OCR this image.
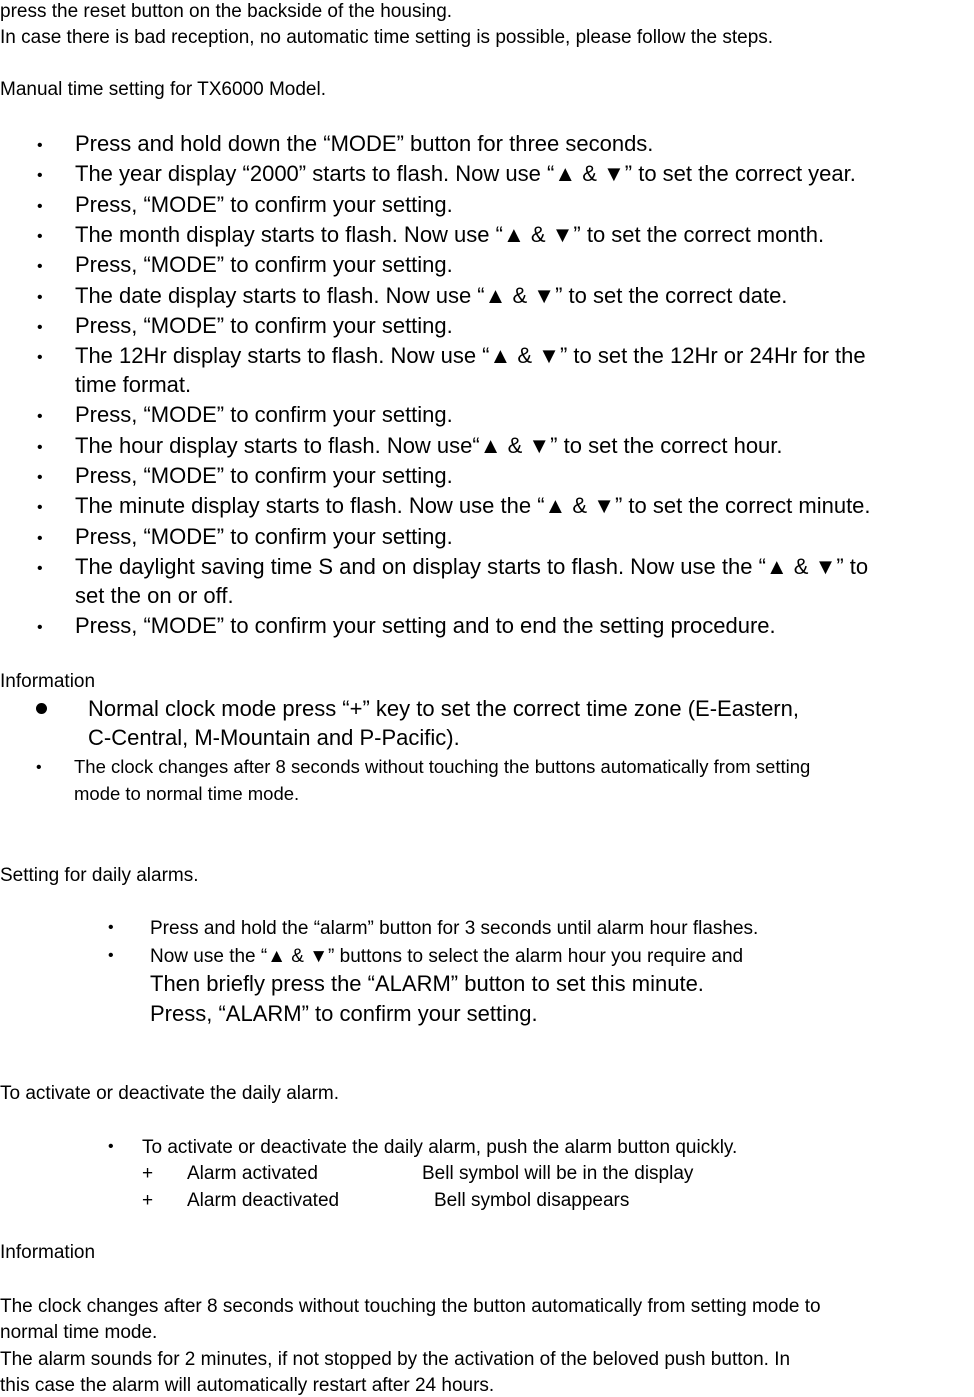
press the reset button on the backside of the housing.
In case there is bad reception, no automatic time setting is possible, please follow the steps.
Manual time setting for TX6000 Model.
• Press and hold down the “MODE” button for three seconds.
• The year display “2000” starts to flash. Now use “▲ & ▼” to set the correct year.
• Press, “MODE” to confirm your setting.
• The month display starts to flash. Now use “▲ & ▼” to set the correct month.
• Press, “MODE” to confirm your setting.
• The date display starts to flash. Now use “▲ & ▼” to set the correct date.
• Press, “MODE” to confirm your setting.
• The 12Hr display starts to flash. Now use “▲ & ▼” to set the 12Hr or 24Hr for the
time format.
• Press, “MODE” to confirm your setting.
• The hour display starts to flash. Now use“▲ & ▼” to set the correct hour.
• Press, “MODE” to confirm your setting.
• The minute display starts to flash. Now use the “▲ & ▼” to set the correct minute.
• Press, “MODE” to confirm your setting.
• The daylight saving time S and on display starts to flash. Now use the “▲ & ▼” to
set the on or off.
• Press, “MODE” to confirm your setting and to end the setting procedure.
Information
Normal clock mode press “+” key to set the correct time zone (E-Eastern,
C-Central, M-Mountain and P-Pacific).
• The clock changes after 8 seconds without touching the buttons automatically from setting
mode to normal time mode.
Setting for daily alarms.
• Press and hold the “alarm” button for 3 seconds until alarm hour flashes.
• Now use the “▲ & ▼” buttons to select the alarm hour you require and
Then briefly press the “ALARM” button to set this minute.
Press, “ALARM” to confirm your setting.
To activate or deactivate the daily alarm.
• To activate or deactivate the daily alarm, push the alarm button quickly.
+ Alarm activated	Bell symbol will be in the display
+ Alarm deactivated	Bell symbol disappears
Information
The clock changes after 8 seconds without touching the button automatically from setting mode to
normal time mode.
The alarm sounds for 2 minutes, if not stopped by the activation of the beloved push button. In
this case the alarm will automatically restart after 24 hours.
